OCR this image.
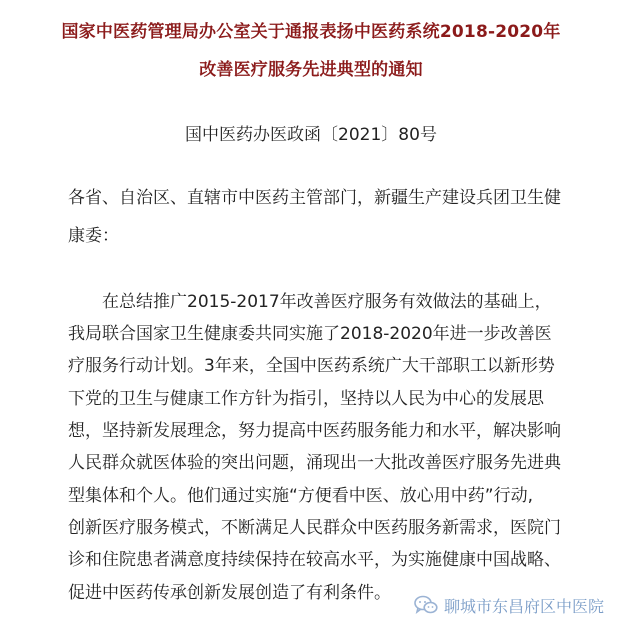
国家中医药管理局办公室关于通报表扬中医药系统2018-2020年
改善医疗服务先进典型的通知
国中医药办医政函〔2021〕80号
各省、自治区、直辖市中医药主管部门，新疆生产建设兵团卫生健
康委：
在总结推广2015-2017年改善医疗服务有效做法的基础上，
我局联合国家卫生健康委共同实施了2018-2020年进一步改善医
疗服务行动计划。3年来，全国中医药系统广大干部职工以新形势
下党的卫生与健康工作方针为指引，坚持以人民为中心的发展思
想，坚持新发展理念，努力提高中医药服务能力和水平，解决影响
人民群众就医体验的突出问题，涌现出一大批改善医疗服务先进典
型集体和个人。他们通过实施“方便看中医、放心用中药”行动,
创新医疗服务模式，不断满足人民群众中医药服务新需求，医院门
诊和住院患者满意度持续保持在较高水平，为实施健康中国战略、
促进中医药传承创新发展创造了有利条件。
聊城市东昌府区中医院
